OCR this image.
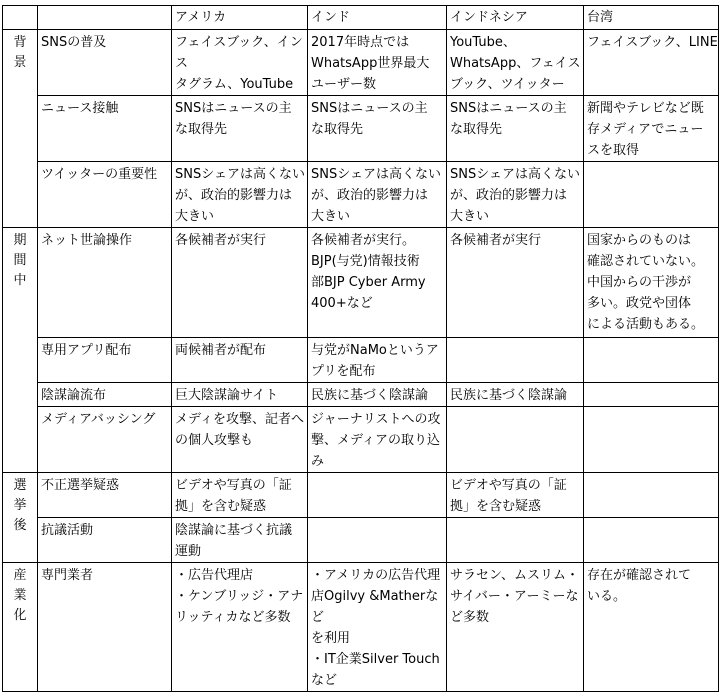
		アメリカ	インド	インドネシア	台湾

背
景	SNSの普及	フェイスブック、インス
タグラム、YouTube	2017年時点では
WhatsApp世界最大
ユーザー数	YouTube、
WhatsApp、フェイス
ブック、ツイッター	フェイスブック、LINE

	ニュース接触	SNSはニュースの主
な取得先	SNSはニュースの主
な取得先	SNSはニュースの主
な取得先	新聞やテレビなど既
存メディアでニュー
スを取得

	ツイッターの重要性	SNSシェアは高くない
が、政治的影響力は
大きい	SNSシェアは高くない
が、政治的影響力は
大きい	SNSシェアは高くない
が、政治的影響力は
大きい	

期
間
中	ネット世論操作	各候補者が実行	各候補者が実行。
BJP(与党)情報技術
部BJP Cyber Army
400+など	各候補者が実行	国家からのものは
確認されていない。
中国からの干渉が
多い。政党や団体
による活動もある。

	専用アプリ配布	両候補者が配布	与党がNaMoというア
プリを配布		

	陰謀論流布	巨大陰謀論サイト	民族に基づく陰謀論	民族に基づく陰謀論	

	メディアバッシング	メディを攻撃、記者へ
の個人攻撃も	ジャーナリストへの攻
撃、メディアの取り込
み		

選
挙
後	不正選挙疑惑	ビデオや写真の「証
拠」を含む疑惑		ビデオや写真の「証
拠」を含む疑惑	

	抗議活動	陰謀論に基づく抗議
運動			

産
業
化	専門業者	・広告代理店
・ケンブリッジ・アナ
リッティカなど多数	・アメリカの広告代理
店Ogilvy &Matherなど
を利用
・IT企業Silver Touch
など	サラセン、ムスリム・
サイバー・アーミーな
ど多数	存在が確認されて
いる。
